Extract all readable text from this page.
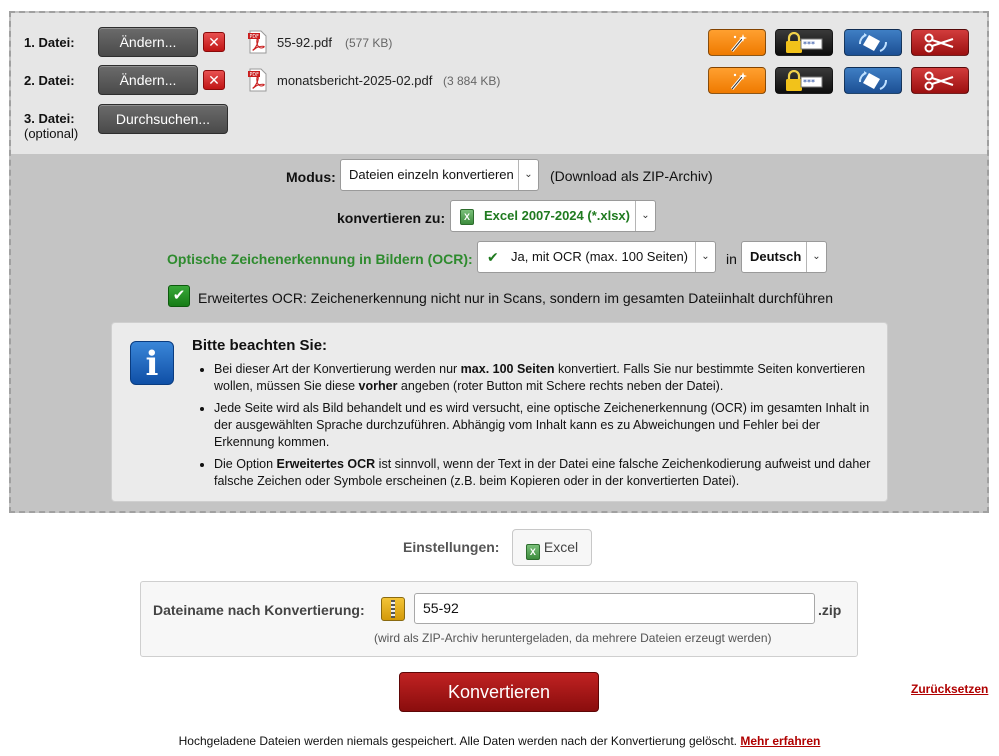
1. Datei:	Ändern...	✕	PDF 55-92.pdf (577 KB)	***
2. Datei:	Ändern...	✕	PDF monatsbericht-2025-02.pdf (3 884 KB)	***
3. Datei:
(optional)
Durchsuchen...
Modus: Dateien einzeln konvertieren	⌄	(Download als ZIP-Archiv)
konvertieren zu:	X	Excel 2007-2024 (*.xlsx)	⌄
Optische Zeichenerkennung in Bildern (OCR): ✔ Ja, mit OCR (max. 100 Seiten)	⌄	in Deutsch	⌄
✔ Erweitertes OCR: Zeichenerkennung nicht nur in Scans, sondern im gesamten Dateiinhalt durchführen
i	Bitte beachten Sie:
• Bei dieser Art der Konvertierung werden nur max. 100 Seiten konvertiert. Falls Sie nur bestimmte Seiten konvertieren wollen, müssen Sie diese vorher angeben (roter Button mit Schere rechts neben der Datei).
• Jede Seite wird als Bild behandelt und es wird versucht, eine optische Zeichenerkennung (OCR) im gesamten Inhalt in der ausgewählten Sprache durchzuführen. Abhängig vom Inhalt kann es zu Abweichungen und Fehler bei der Erkennung kommen.
• Die Option Erweitertes OCR ist sinnvoll, wenn der Text in der Datei eine falsche Zeichenkodierung aufweist und daher falsche Zeichen oder Symbole erscheinen (z.B. beim Kopieren oder in der konvertierten Datei).
Einstellungen:	X Excel
Dateiname nach Konvertierung:	55-92	.zip
(wird als ZIP-Archiv heruntergeladen, da mehrere Dateien erzeugt werden)
Konvertieren	Zurücksetzen
Hochgeladene Dateien werden niemals gespeichert. Alle Daten werden nach der Konvertierung gelöscht. Mehr erfahren
